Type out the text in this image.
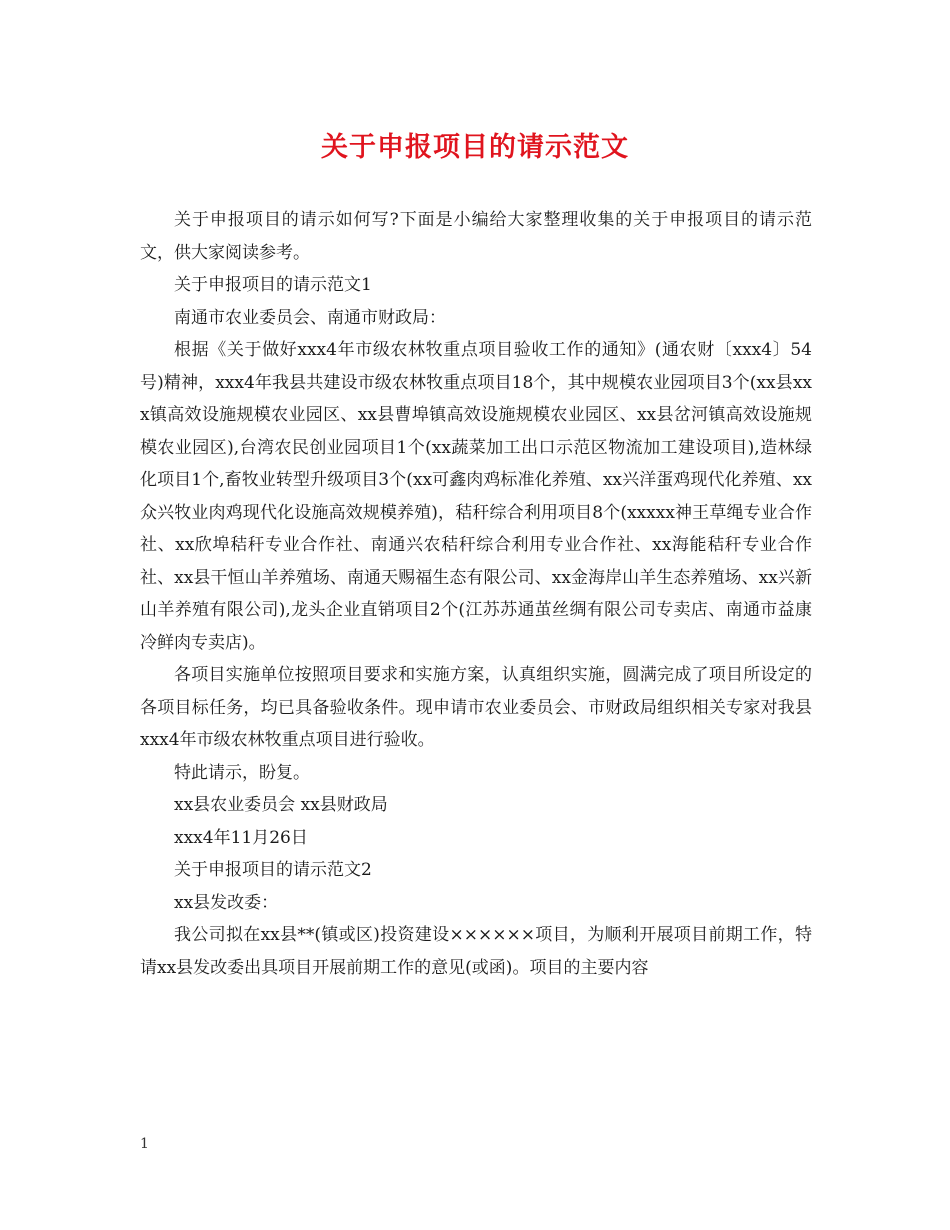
关于申报项目的请示范文

关于申报项目的请示如何写?下面是小编给大家整理收集的关于申报项目的请示范文，供大家阅读参考。

关于申报项目的请示范文1

南通市农业委员会、南通市财政局：

根据《关于做好xxx4年市级农林牧重点项目验收工作的通知》(通农财〔xxx4〕54号)精神，xxx4年我县共建设市级农林牧重点项目18个，其中规模农业园项目3个(xx县xxx镇高效设施规模农业园区、xx县曹埠镇高效设施规模农业园区、xx县岔河镇高效设施规模农业园区),台湾农民创业园项目1个(xx蔬菜加工出口示范区物流加工建设项目),造林绿化项目1个,畜牧业转型升级项目3个(xx可鑫肉鸡标准化养殖、xx兴洋蛋鸡现代化养殖、xx众兴牧业肉鸡现代化设施高效规模养殖)，秸秆综合利用项目8个(xxxxx神王草绳专业合作社、xx欣埠秸秆专业合作社、南通兴农秸秆综合利用专业合作社、xx海能秸秆专业合作社、xx县干恒山羊养殖场、南通天赐福生态有限公司、xx金海岸山羊生态养殖场、xx兴新山羊养殖有限公司),龙头企业直销项目2个(江苏苏通茧丝绸有限公司专卖店、南通市益康冷鲜肉专卖店)。

各项目实施单位按照项目要求和实施方案，认真组织实施，圆满完成了项目所设定的各项目标任务，均已具备验收条件。现申请市农业委员会、市财政局组织相关专家对我县xxx4年市级农林牧重点项目进行验收。

特此请示，盼复。

xx县农业委员会 xx县财政局

xxx4年11月26日

关于申报项目的请示范文2

xx县发改委：

我公司拟在xx县**(镇或区)投资建设××××××项目，为顺利开展项目前期工作，特请xx县发改委出具项目开展前期工作的意见(或函)。项目的主要内容

1
